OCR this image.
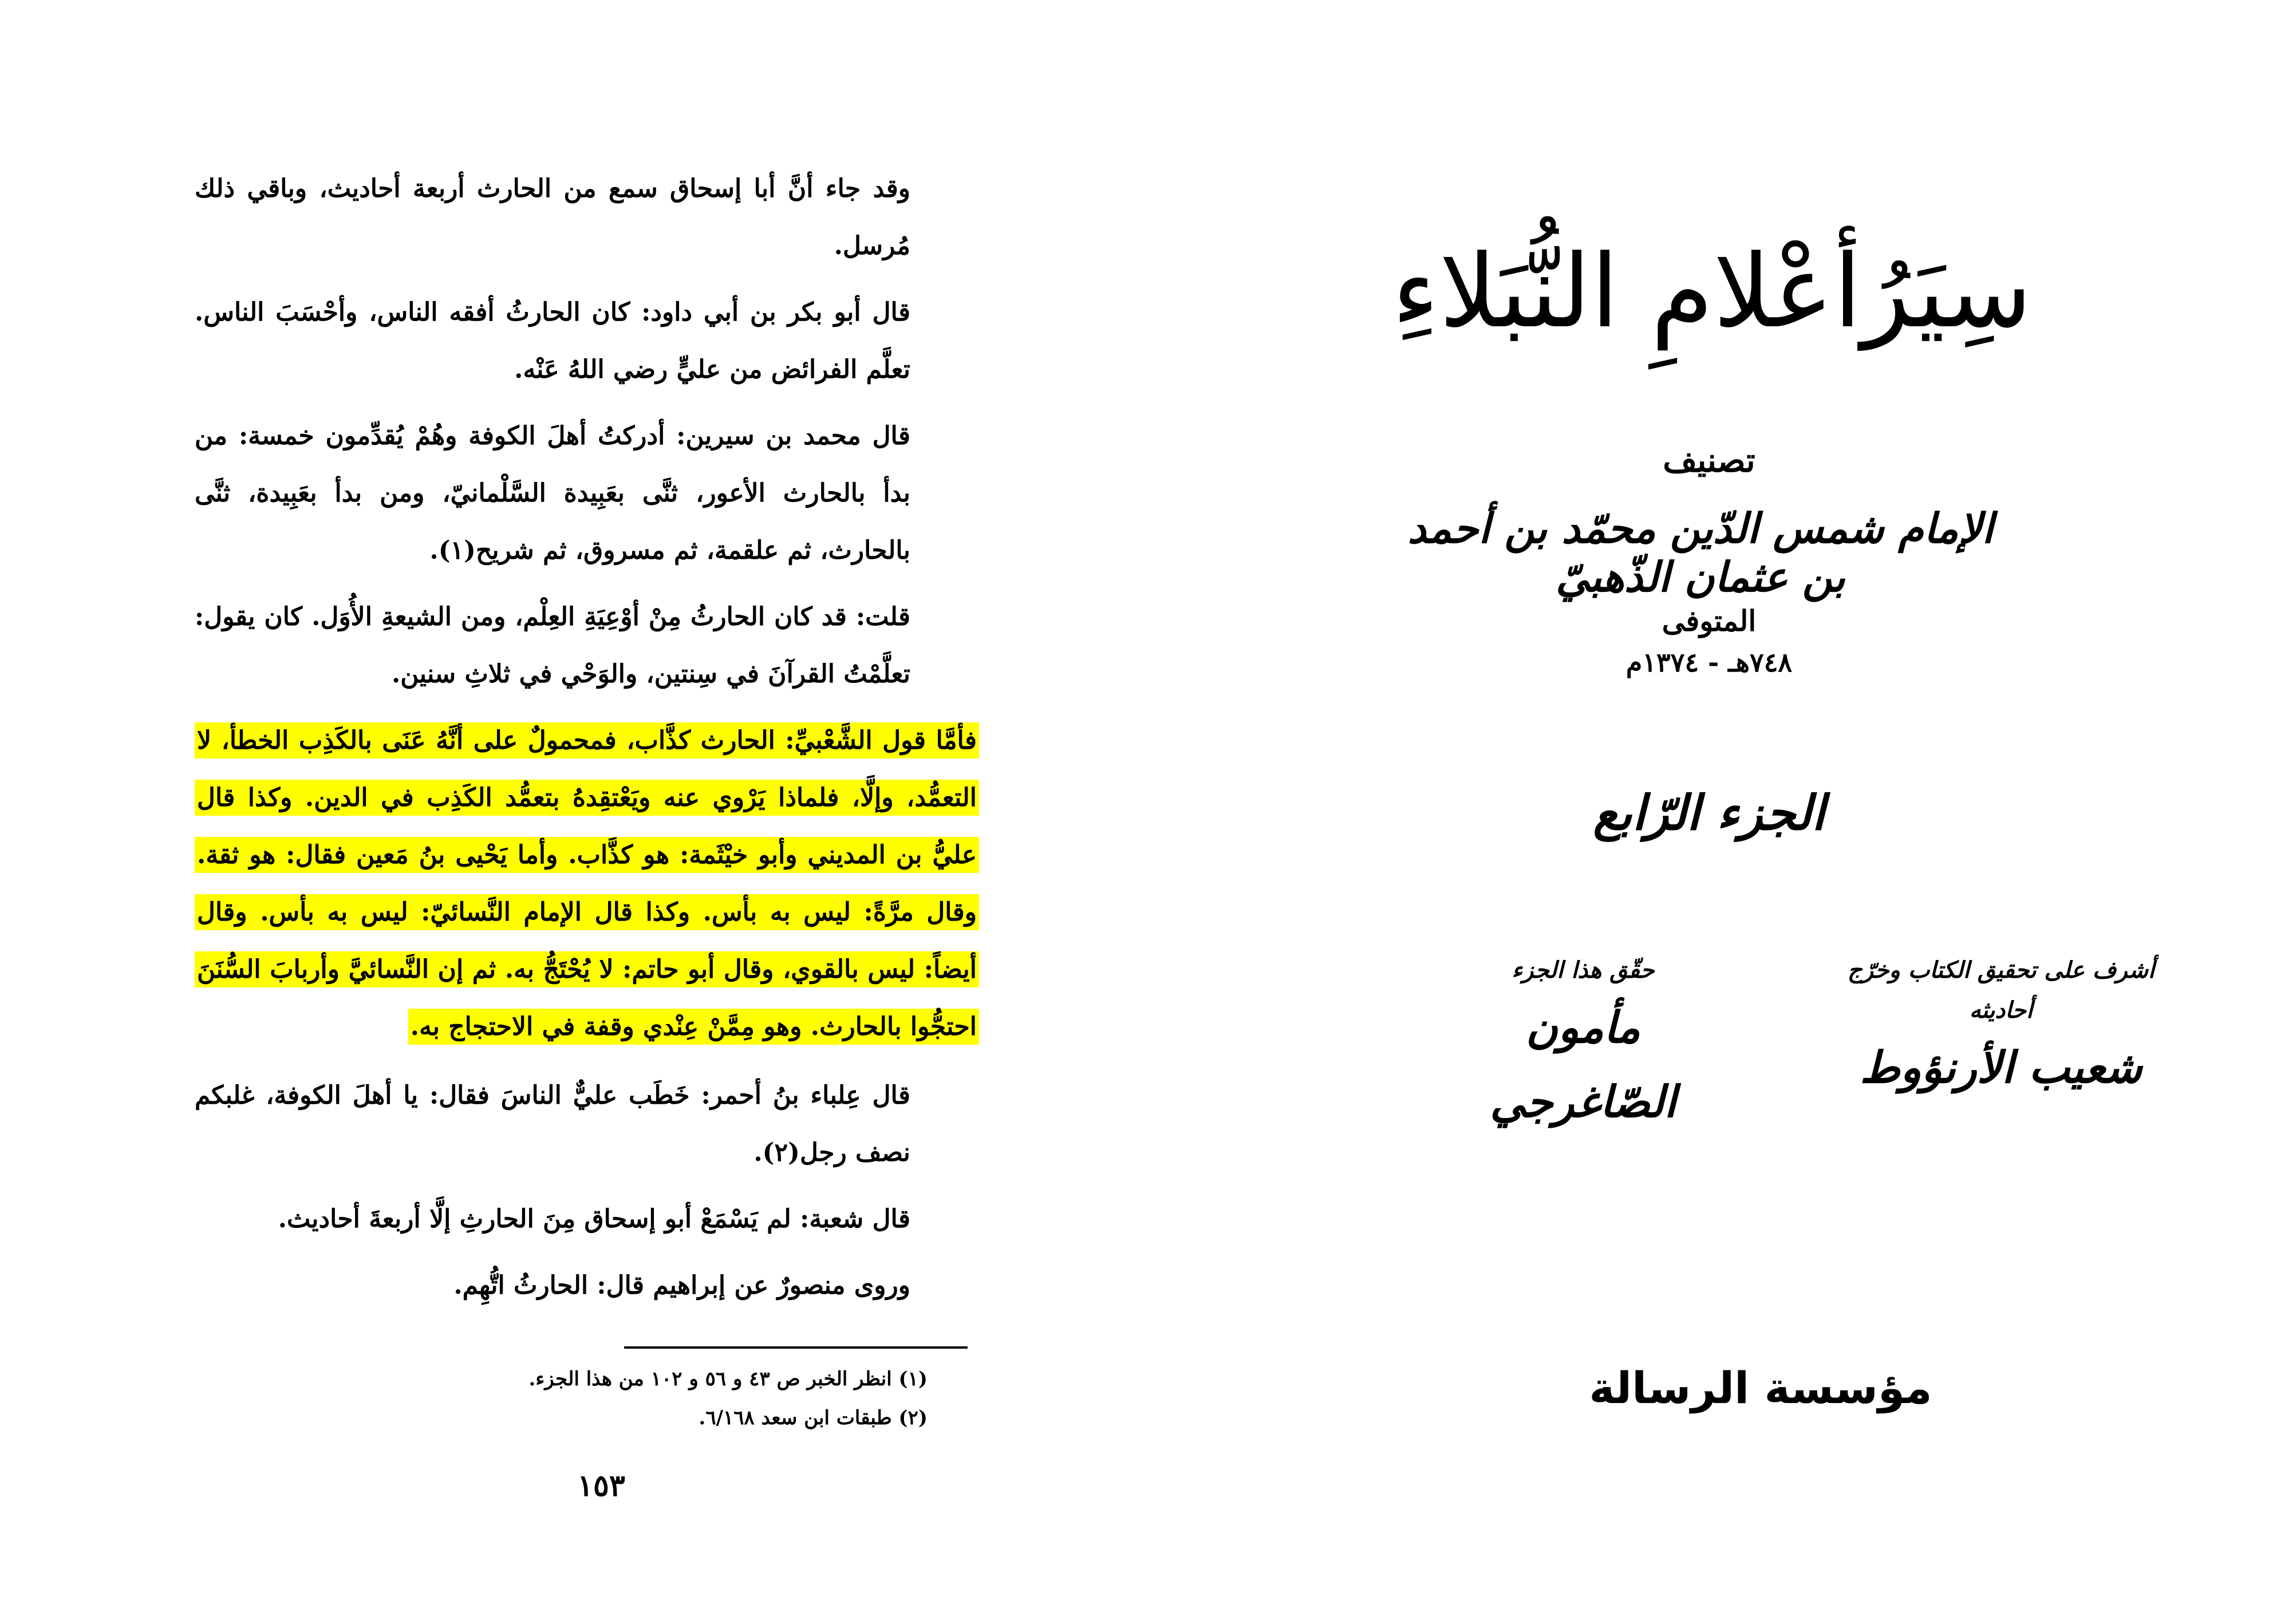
وقد جاء أنَّ أبا إسحاق سمع من الحارث أربعة أحاديث، وباقي ذلك مُرسل.

قال أبو بكر بن أبي داود: كان الحارثُ أفقه الناس، وأحْسَبَ الناس. تعلَّم الفرائض من عليٍّ رضي اللهُ عَنْه.

قال محمد بن سيرين: أدركتُ أهلَ الكوفة وهُمْ يُقدِّمون خمسة: من بدأ بالحارث الأعور، ثنَّى بعَبِيدة السَّلْمانيّ، ومن بدأ بعَبِيدة، ثنَّى بالحارث، ثم علقمة، ثم مسروق، ثم شريح(١).

قلت: قد كان الحارثُ مِنْ أوْعِيَةِ العِلْم، ومن الشيعةِ الأُوَل. كان يقول: تعلَّمْتُ القرآنَ في سِنتين، والوَحْي في ثلاثِ سنين.

فأمَّا قول الشَّعْبيِّ: الحارث كذَّاب، فمحمولٌ على أنَّهُ عَنَى بالكَذِب الخطأ، لا التعمُّد، وإلَّا، فلماذا يَرْوي عنه ويَعْتقِدهُ بتعمُّد الكَذِب في الدين. وكذا قال عليُّ بن المديني وأبو خيْثَمة: هو كذَّاب. وأما يَحْيى بنُ مَعين فقال: هو ثقة. وقال مرَّةً: ليس به بأس. وكذا قال الإمام النَّسائيّ: ليس به بأس. وقال أيضاً: ليس بالقوي، وقال أبو حاتم: لا يُحْتَجُّ به. ثم إن النَّسائيَّ وأربابَ السُّنَنَ احتجُّوا بالحارث. وهو مِمَّنْ عِنْدي وقفة في الاحتجاج به.

قال عِلباء بنُ أحمر: خَطَب عليٌّ الناسَ فقال: يا أهلَ الكوفة، غلبكم نصف رجل(٢).

قال شعبة: لم يَسْمَعْ أبو إسحاق مِنَ الحارثِ إلَّا أربعةَ أحاديث.

وروى منصورٌ عن إبراهيم قال: الحارثُ اتُّهِم.

(١) انظر الخبر ص ٤٣ و ٥٦ و ١٠٢ من هذا الجزء.
(٢) طبقات ابن سعد ٦/١٦٨.
١٥٣
سِيَرُأعْلامِ النُّبَلاءِ
تصنيف
الإمام شمس الدّين محمّد بن أحمد بن عثمان الذّهبيّ
المتوفى
٧٤٨هـ - ١٣٧٤م
الجزء الرّابع
أشرف على تحقيق الكتاب وخرّج أحاديثه
شعيب الأرنؤوط
حقّق هذا الجزء
مأمون الصّاغرجي
مؤسسة الرسالة
